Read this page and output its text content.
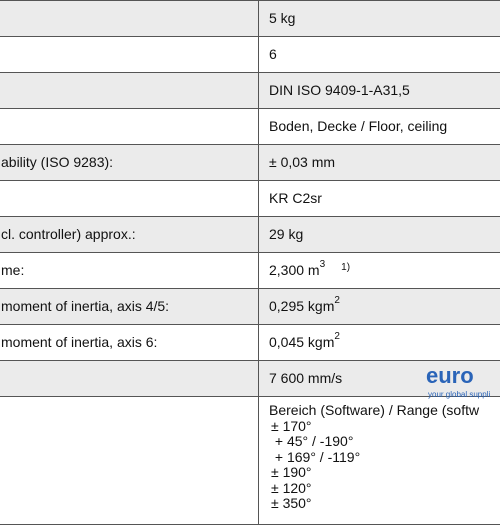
5 kg
6
DIN ISO 9409-1-A31,5
Boden, Decke / Floor, ceiling
ability (ISO 9283):	± 0,03 mm
KR C2sr
cl. controller) approx.:	29 kg
me:	2,300 $m^3$ $^{1)}$
moment of inertia, axis 4/5:	0,295 kgm$^2$
moment of inertia, axis 6:	0,045 kgm$^2$
7 600 mm/s
Bereich (Software) / Range (softw
± 170°
+ 45° / -190°
+ 169° / -119°
± 190°
± 120°
± 350°
euro
your global suppli
